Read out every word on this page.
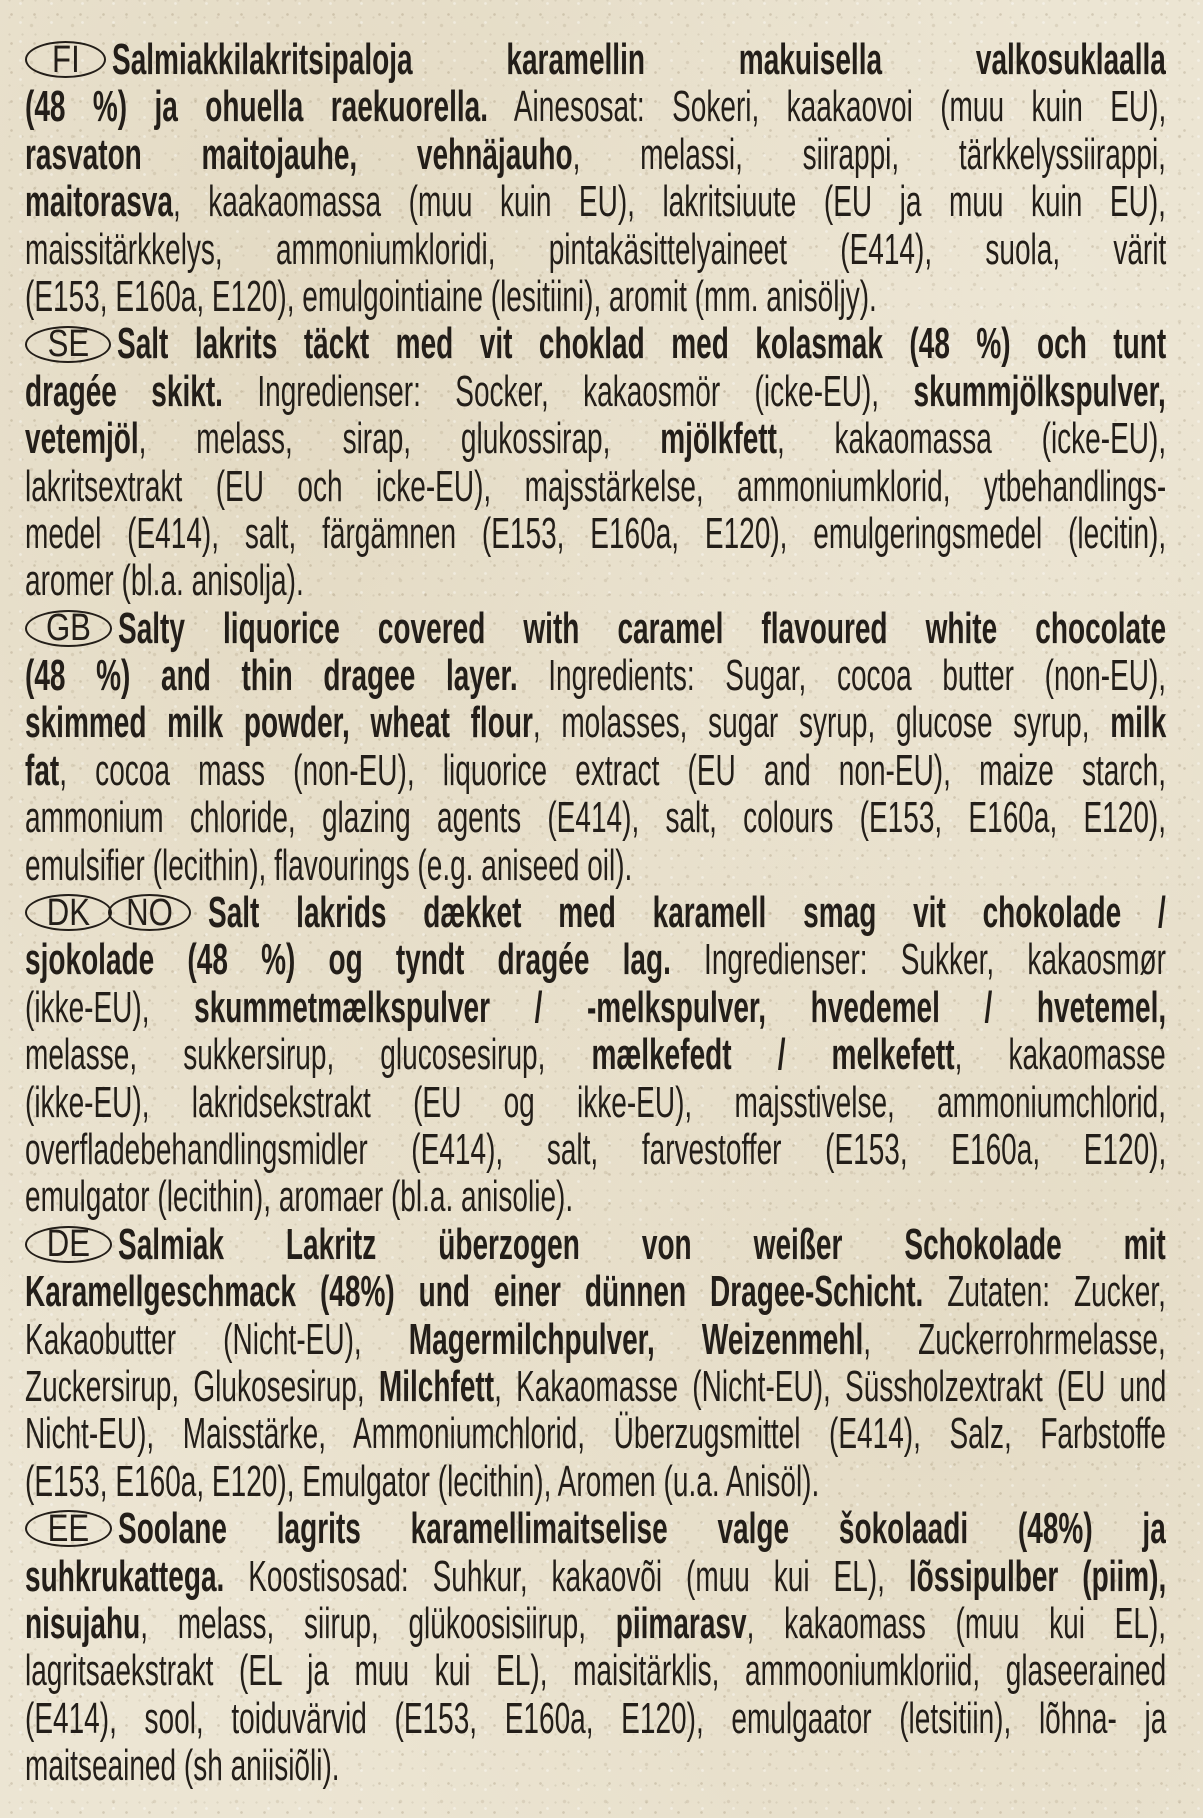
FI Salmiakkilakritsipaloja karamellin makuisella valkosuklaalla
(48 %) ja ohuella raekuorella. Ainesosat: Sokeri, kaakaovoi (muu kuin EU),
rasvaton maitojauhe, vehnäjauho, melassi, siirappi, tärkkelyssiirappi,
maitorasva, kaakaomassa (muu kuin EU), lakritsiuute (EU ja muu kuin EU),
maissitärkkelys, ammoniumkloridi, pintakäsittelyaineet (E414), suola, värit
(E153, E160a, E120), emulgointiaine (lesitiini), aromit (mm. anisöljy).
SE Salt lakrits täckt med vit choklad med kolasmak (48 %) och tunt
dragée skikt. Ingredienser: Socker, kakaosmör (icke-EU), skummjölkspulver,
vetemjöl, melass, sirap, glukossirap, mjölkfett, kakaomassa (icke-EU),
lakritsextrakt (EU och icke-EU), majsstärkelse, ammoniumklorid, ytbehandlings-
medel (E414), salt, färgämnen (E153, E160a, E120), emulgeringsmedel (lecitin),
aromer (bl.a. anisolja).
GB Salty liquorice covered with caramel flavoured white chocolate
(48 %) and thin dragee layer. Ingredients: Sugar, cocoa butter (non-EU),
skimmed milk powder, wheat flour, molasses, sugar syrup, glucose syrup, milk
fat, cocoa mass (non-EU), liquorice extract (EU and non-EU), maize starch,
ammonium chloride, glazing agents (E414), salt, colours (E153, E160a, E120),
emulsifier (lecithin), flavourings (e.g. aniseed oil).
DK NO Salt lakrids dækket med karamell smag vit chokolade /
sjokolade (48 %) og tyndt dragée lag. Ingredienser: Sukker, kakaosmør
(ikke-EU), skummetmælkspulver / -melkspulver, hvedemel / hvetemel,
melasse, sukkersirup, glucosesirup, mælkefedt / melkefett, kakaomasse
(ikke-EU), lakridsekstrakt (EU og ikke-EU), majsstivelse, ammoniumchlorid,
overfladebehandlingsmidler (E414), salt, farvestoffer (E153, E160a, E120),
emulgator (lecithin), aromaer (bl.a. anisolie).
DE Salmiak Lakritz überzogen von weißer Schokolade mit
Karamellgeschmack (48%) und einer dünnen Dragee-Schicht. Zutaten: Zucker,
Kakaobutter (Nicht-EU), Magermilchpulver, Weizenmehl, Zuckerrohrmelasse,
Zuckersirup, Glukosesirup, Milchfett, Kakaomasse (Nicht-EU), Süssholzextrakt (EU und
Nicht-EU), Maisstärke, Ammoniumchlorid, Überzugsmittel (E414), Salz, Farbstoffe
(E153, E160a, E120), Emulgator (lecithin), Aromen (u.a. Anisöl).
EE Soolane lagrits karamellimaitselise valge šokolaadi (48%) ja
suhkrukattega. Koostisosad: Suhkur, kakaovõi (muu kui EL), lõssipulber (piim),
nisujahu, melass, siirup, glükoosisiirup, piimarasv, kakaomass (muu kui EL),
lagritsaekstrakt (EL ja muu kui EL), maisitärklis, ammooniumkloriid, glaseerained
(E414), sool, toiduvärvid (E153, E160a, E120), emulgaator (letsitiin), lõhna- ja
maitseained (sh aniisiõli).
